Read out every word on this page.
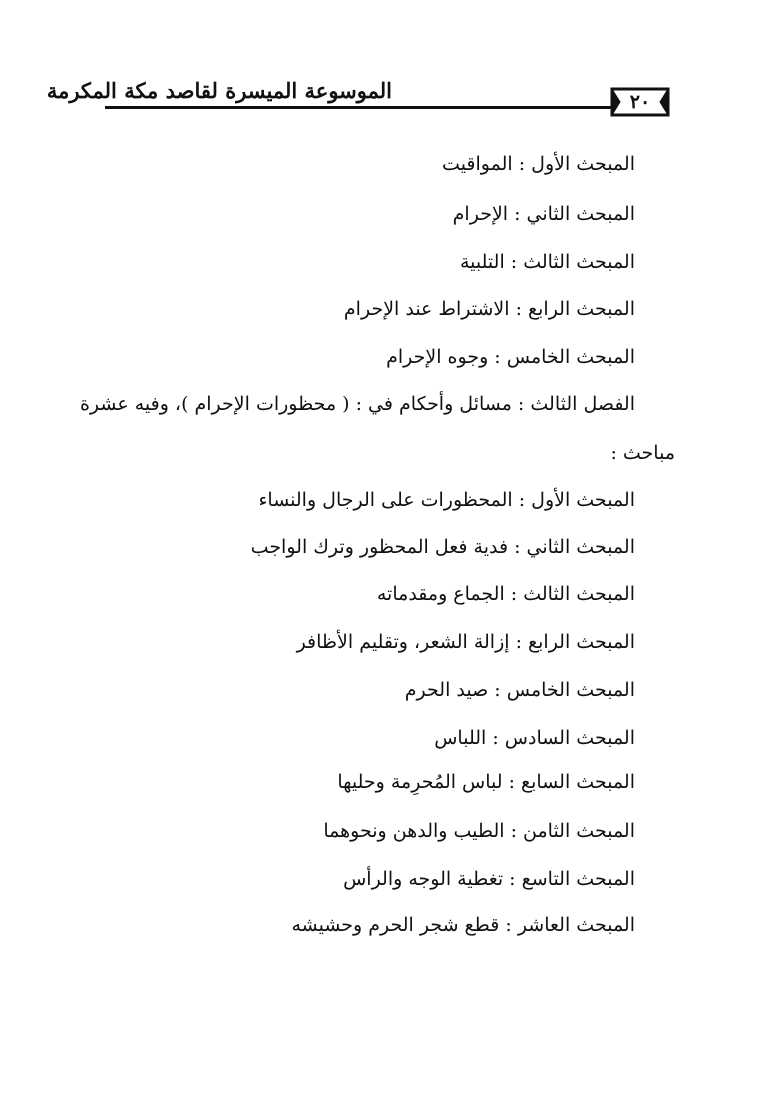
الموسوعة الميسرة لقاصد مكة المكرمة	٢٠
المبحث الأول : المواقيت
المبحث الثاني : الإحرام
المبحث الثالث : التلبية
المبحث الرابع : الاشتراط عند الإحرام
المبحث الخامس : وجوه الإحرام
الفصل الثالث : مسائل وأحكام في : ( محظورات الإحرام )، وفيه عشرة
مباحث :
المبحث الأول : المحظورات على الرجال والنساء
المبحث الثاني : فدية فعل المحظور وترك الواجب
المبحث الثالث : الجماع ومقدماته
المبحث الرابع : إزالة الشعر، وتقليم الأظافر
المبحث الخامس : صيد الحرم
المبحث السادس : اللباس
المبحث السابع : لباس المُحرِمة وحليها
المبحث الثامن : الطيب والدهن ونحوهما
المبحث التاسع : تغطية الوجه والرأس
المبحث العاشر : قطع شجر الحرم وحشيشه
